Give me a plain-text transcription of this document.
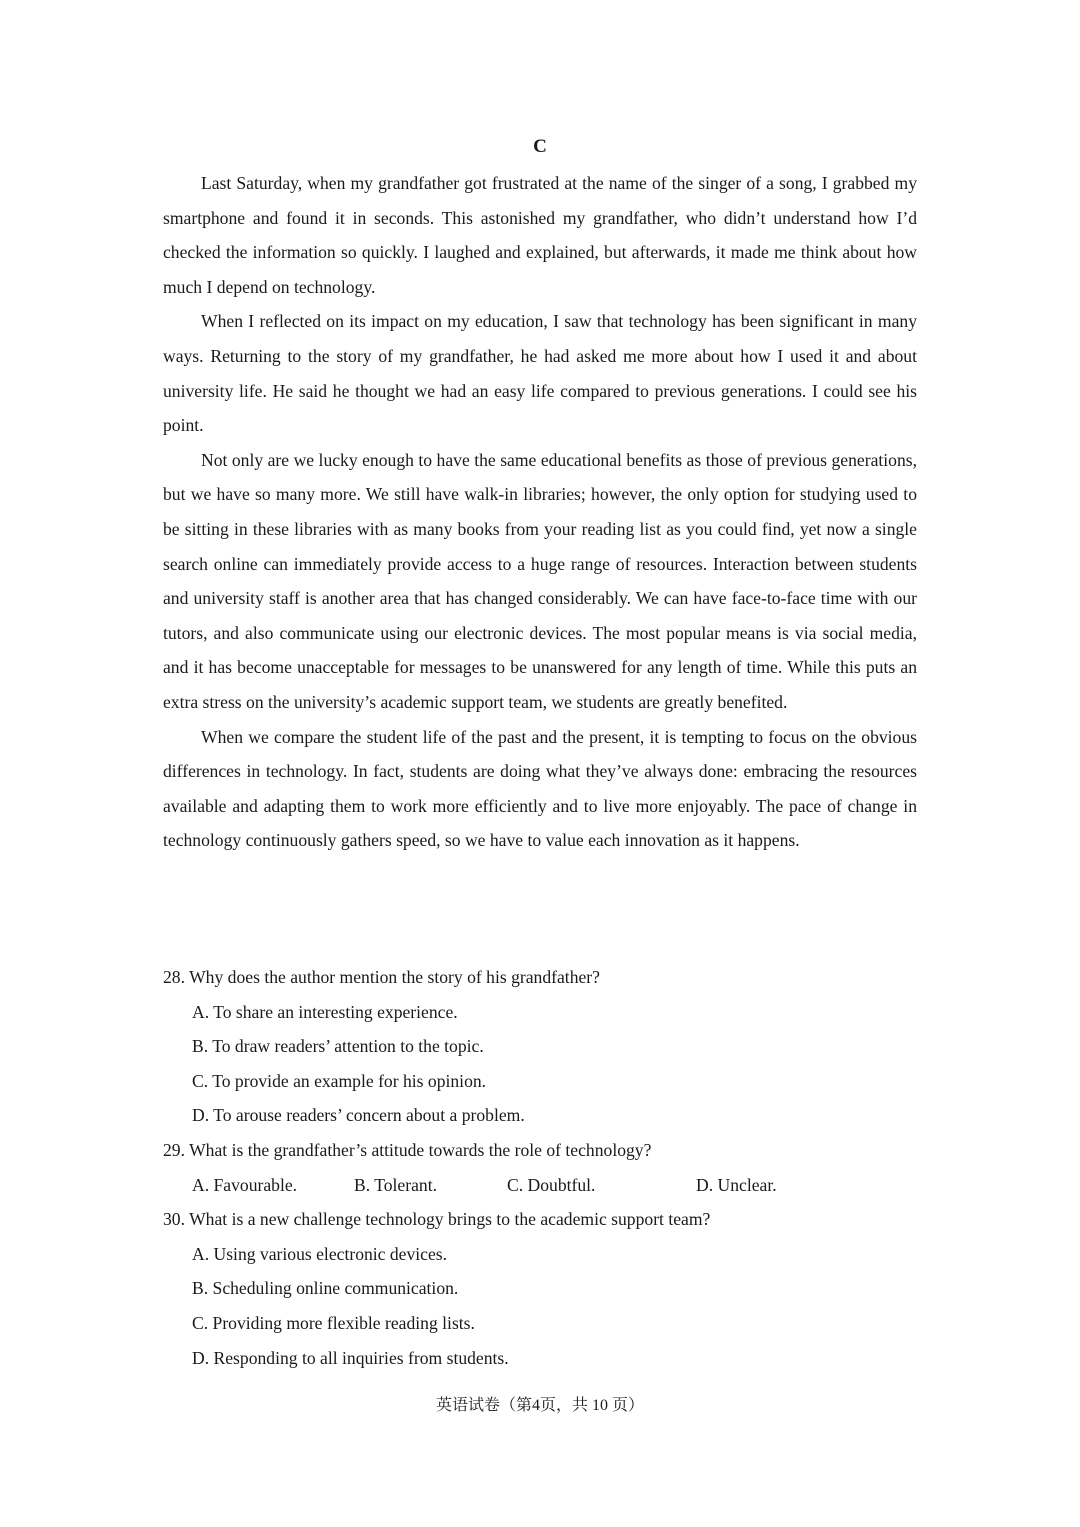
C

Last Saturday, when my grandfather got frustrated at the name of the singer of a song, I grabbed my smartphone and found it in seconds. This astonished my grandfather, who didn’t understand how I’d checked the information so quickly. I laughed and explained, but afterwards, it made me think about how much I depend on technology.

When I reflected on its impact on my education, I saw that technology has been significant in many ways. Returning to the story of my grandfather, he had asked me more about how I used it and about university life. He said he thought we had an easy life compared to previous generations. I could see his point.

Not only are we lucky enough to have the same educational benefits as those of previous generations, but we have so many more. We still have walk-in libraries; however, the only option for studying used to be sitting in these libraries with as many books from your reading list as you could find, yet now a single search online can immediately provide access to a huge range of resources. Interaction between students and university staff is another area that has changed considerably. We can have face-to-face time with our tutors, and also communicate using our electronic devices. The most popular means is via social media, and it has become unacceptable for messages to be unanswered for any length of time. While this puts an extra stress on the university’s academic support team, we students are greatly benefited.

When we compare the student life of the past and the present, it is tempting to focus on the obvious differences in technology. In fact, students are doing what they’ve always done: embracing the resources available and adapting them to work more efficiently and to live more enjoyably. The pace of change in technology continuously gathers speed, so we have to value each innovation as it happens.

28. Why does the author mention the story of his grandfather?

A. To share an interesting experience.

B. To draw readers’ attention to the topic.

C. To provide an example for his opinion.

D. To arouse readers’ concern about a problem.

29. What is the grandfather’s attitude towards the role of technology?

A. Favourable.	B. Tolerant.	C. Doubtful.	D. Unclear.

30. What is a new challenge technology brings to the academic support team?

A. Using various electronic devices.

B. Scheduling online communication.

C. Providing more flexible reading lists.

D. Responding to all inquiries from students.

英语试卷（第4页，共 10 页）
